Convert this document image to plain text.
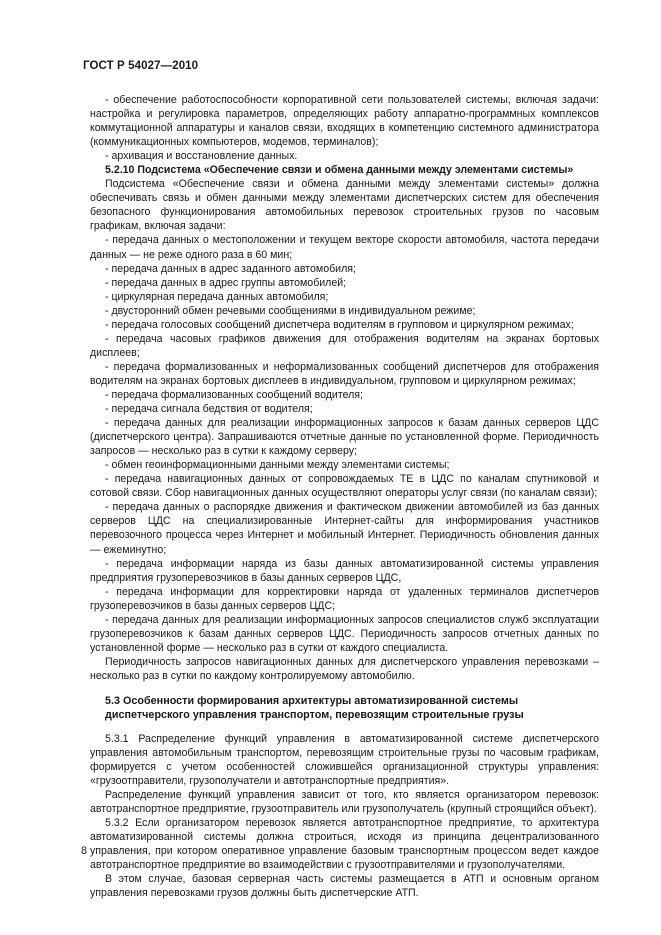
ГОСТ Р 54027—2010

- обеспечение работоспособности корпоративной сети пользователей системы, включая задачи: настройка и регулировка параметров, определяющих работу аппаратно-программных комплексов коммутационной аппаратуры и каналов связи, входящих в компетенцию системного администратора (коммуникационных компьютеров, модемов, терминалов);

- архивация и восстановление данных.

5.2.10 Подсистема «Обеспечение связи и обмена данными между элементами системы»

Подсистема «Обеспечение связи и обмена данными между элементами системы» должна обеспечивать связь и обмен данными между элементами диспетчерских систем для обеспечения безопасного функционирования автомобильных перевозок строительных грузов по часовым графикам, включая задачи:

- передача данных о местоположении и текущем векторе скорости автомобиля, частота передачи данных — не реже одного раза в 60 мин;

- передача данных в адрес заданного автомобиля;

- передача данных в адрес группы автомобилей;

- циркулярная передача данных автомобиля;

- двусторонний обмен речевыми сообщениями в индивидуальном режиме;

- передача голосовых сообщений диспетчера водителям в групповом и циркулярном режимах;

- передача часовых графиков движения для отображения водителям на экранах бортовых дисплеев;

- передача формализованных и неформализованных сообщений диспетчеров для отображения водителям на экранах бортовых дисплеев в индивидуальном, групповом и циркулярном режимах;

- передача формализованных сообщений водителя;

- передача сигнала бедствия от водителя;

- передача данных для реализации информационных запросов к базам данных серверов ЦДС (диспетчерского центра). Запрашиваются отчетные данные по установленной форме. Периодичность запросов — несколько раз в сутки к каждому серверу;

- обмен геоинформационными данными между элементами системы;

- передача навигационных данных от сопровождаемых ТЕ в ЦДС по каналам спутниковой и сотовой связи. Сбор навигационных данных осуществляют операторы услуг связи (по каналам связи);

- передача данных о распорядке движения и фактическом движении автомобилей из баз данных серверов ЦДС на специализированные Интернет-сайты для информирования участников перевозочного процесса через Интернет и мобильный Интернет. Периодичность обновления данных — ежеминутно;

- передача информации наряда из базы данных автоматизированной системы управления предприятия грузоперевозчиков в базы данных серверов ЦДС,

- передача информации для корректировки наряда от удаленных терминалов диспетчеров грузоперевозчиков в базы данных серверов ЦДС;

- передача данных для реализации информационных запросов специалистов служб эксплуатации грузоперевозчиков к базам данных серверов ЦДС. Периодичность запросов отчетных данных по установленной форме — несколько раз в сутки от каждого специалиста.

Периодичность запросов навигационных данных для диспетчерского управления перевозками – несколько раз в сутки по каждому контролируемому автомобилю.

5.3 Особенности формирования архитектуры автоматизированной системы диспетчерского управления транспортом, перевозящим строительные грузы

5.3.1 Распределение функций управления в автоматизированной системе диспетчерского управления автомобильным транспортом, перевозящим строительные грузы по часовым графикам, формируется с учетом особенностей сложившейся организационной структуры управления: «грузоотправители, грузополучатели и автотранспортные предприятия».

Распределение функций управления зависит от того, кто является организатором перевозок: автотранспортное предприятие, грузоотправитель или грузополучатель (крупный строящийся объект).

5.3.2 Если организатором перевозок является автотранспортное предприятие, то архитектура автоматизированной системы должна строиться, исходя из принципа децентрализованного управления, при котором оперативное управление базовым транспортным процессом ведет каждое автотранспортное предприятие во взаимодействии с грузоотправителями и грузополучателями.

В этом случае, базовая серверная часть системы размещается в АТП и основным органом управления перевозками грузов должны быть диспетчерские АТП.

8
